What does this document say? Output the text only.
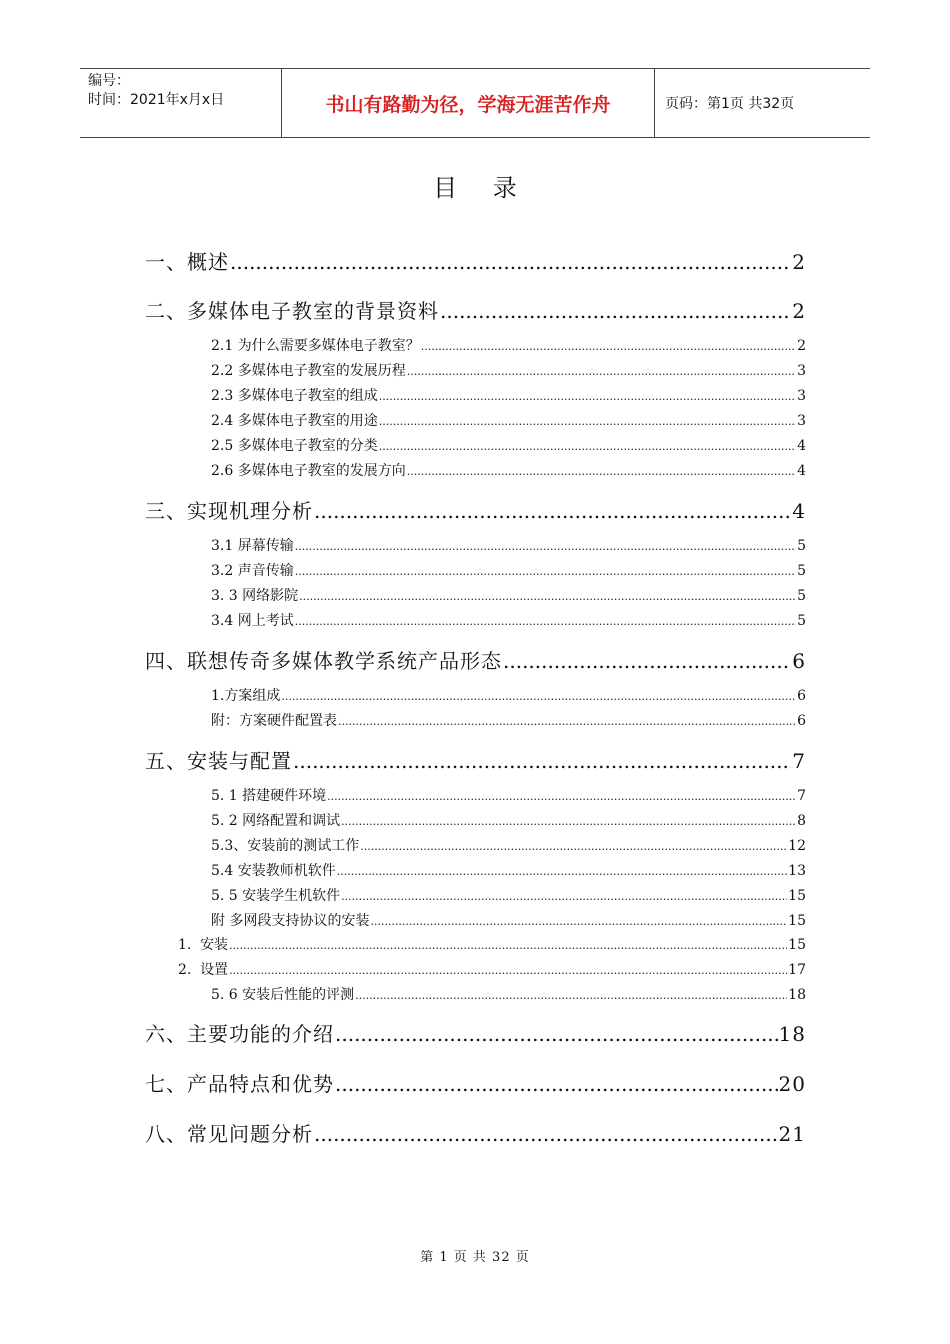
编号：
时间：2021年x月x日	书山有路勤为径，学海无涯苦作舟	页码：第1页 共32页
目 录
一、概述 .....	2
二、多媒体电子教室的背景资料 .....	2
2.1 为什么需要多媒体电子教室？ .....	2
2.2 多媒体电子教室的发展历程 .....	3
2.3 多媒体电子教室的组成 .....	3
2.4 多媒体电子教室的用途 .....	3
2.5 多媒体电子教室的分类 .....	4
2.6 多媒体电子教室的发展方向 .....	4
三、实现机理分析 .....	4
3.1 屏幕传输 .....	5
3.2 声音传输 .....	5
3. 3 网络影院 .....	5
3.4 网上考试 .....	5
四、联想传奇多媒体教学系统产品形态 .....	6
1.方案组成 .....	6
附：方案硬件配置表 .....	6
五、安装与配置 .....	7
5. 1 搭建硬件环境 .....	7
5. 2 网络配置和调试 .....	8
5.3、安装前的测试工作 .....	12
5.4 安装教师机软件 .....	13
5. 5 安装学生机软件 .....	15
附 多网段支持协议的安装 .....	15
1. 安装 .....	15
2. 设置 .....	17
5. 6 安装后性能的评测 .....	18
六、主要功能的介绍 .....	18
七、产品特点和优势 .....	20
八、常见问题分析 .....	21
第 1 页 共 32 页
